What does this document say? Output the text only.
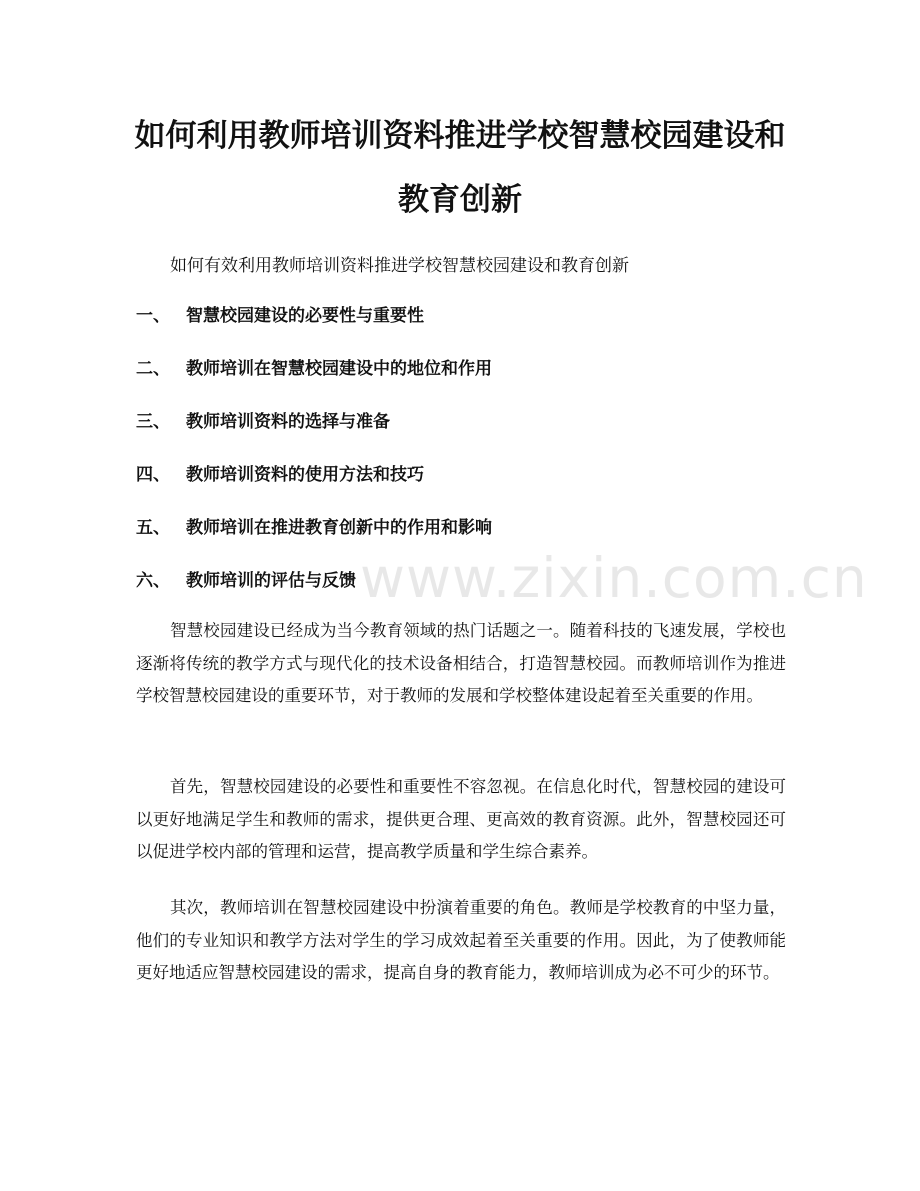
如何利用教师培训资料推进学校智慧校园建设和教育创新
如何有效利用教师培训资料推进学校智慧校园建设和教育创新
一、 智慧校园建设的必要性与重要性
二、 教师培训在智慧校园建设中的地位和作用
三、 教师培训资料的选择与准备
四、 教师培训资料的使用方法和技巧
五、 教师培训在推进教育创新中的作用和影响
六、 教师培训的评估与反馈 www.zixin.com.cn

智慧校园建设已经成为当今教育领域的热门话题之一。随着科技的飞速发展，学校也逐渐将传统的教学方式与现代化的技术设备相结合，打造智慧校园。而教师培训作为推进学校智慧校园建设的重要环节，对于教师的发展和学校整体建设起着至关重要的作用。

首先，智慧校园建设的必要性和重要性不容忽视。在信息化时代，智慧校园的建设可以更好地满足学生和教师的需求，提供更合理、更高效的教育资源。此外，智慧校园还可以促进学校内部的管理和运营，提高教学质量和学生综合素养。

其次，教师培训在智慧校园建设中扮演着重要的角色。教师是学校教育的中坚力量，他们的专业知识和教学方法对学生的学习成效起着至关重要的作用。因此，为了使教师能更好地适应智慧校园建设的需求，提高自身的教育能力，教师培训成为必不可少的环节。
